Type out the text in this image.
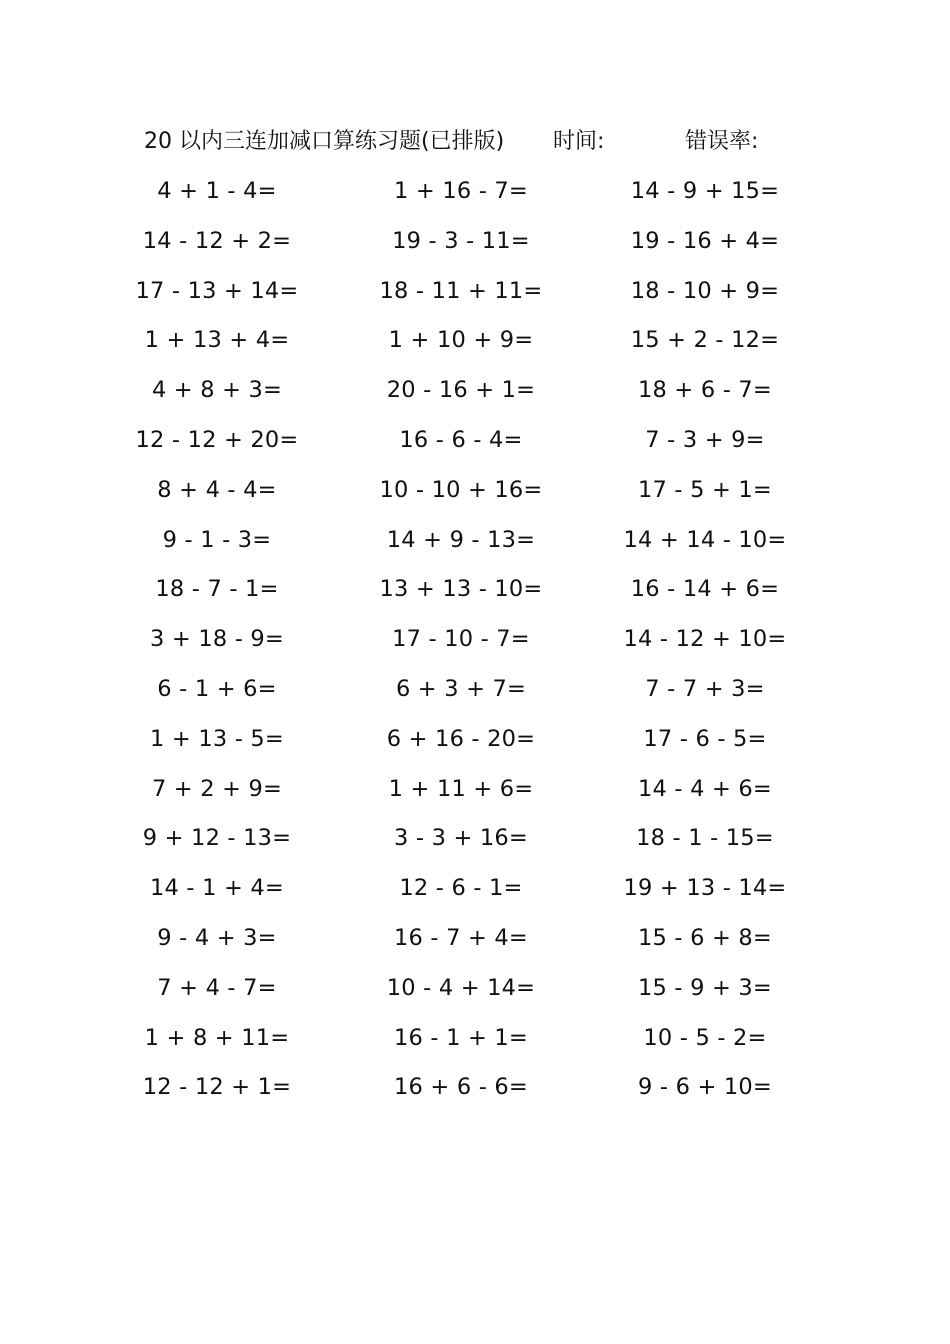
20 以内三连加减口算练习题(已排版) 时间:	错误率:
4 + 1 - 4=	1 + 16 - 7=	14 - 9 + 15=
14 - 12 + 2=	19 - 3 - 11=	19 - 16 + 4=
17 - 13 + 14=	18 - 11 + 11=	18 - 10 + 9=
1 + 13 + 4=	1 + 10 + 9=	15 + 2 - 12=
4 + 8 + 3=	20 - 16 + 1=	18 + 6 - 7=
12 - 12 + 20=	16 - 6 - 4=	7 - 3 + 9=
8 + 4 - 4=	10 - 10 + 16=	17 - 5 + 1=
9 - 1 - 3=	14 + 9 - 13=	14 + 14 - 10=
18 - 7 - 1=	13 + 13 - 10=	16 - 14 + 6=
3 + 18 - 9=	17 - 10 - 7=	14 - 12 + 10=
6 - 1 + 6=	6 + 3 + 7=	7 - 7 + 3=
1 + 13 - 5=	6 + 16 - 20=	17 - 6 - 5=
7 + 2 + 9=	1 + 11 + 6=	14 - 4 + 6=
9 + 12 - 13=	3 - 3 + 16=	18 - 1 - 15=
14 - 1 + 4=	12 - 6 - 1=	19 + 13 - 14=
9 - 4 + 3=	16 - 7 + 4=	15 - 6 + 8=
7 + 4 - 7=	10 - 4 + 14=	15 - 9 + 3=
1 + 8 + 11=	16 - 1 + 1=	10 - 5 - 2=
12 - 12 + 1=	16 + 6 - 6=	9 - 6 + 10=
